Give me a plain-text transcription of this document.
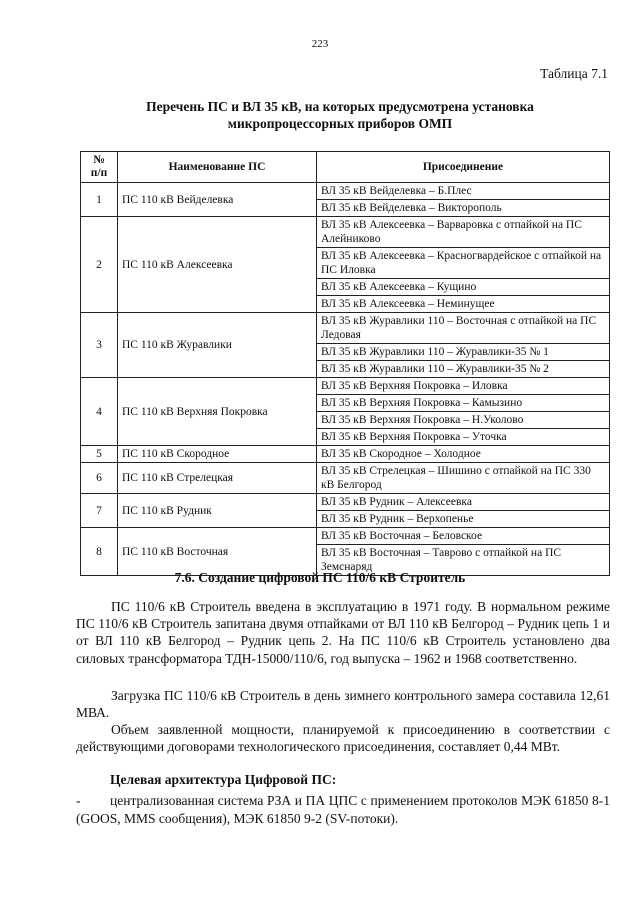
223
Таблица 7.1
Перечень ПС и ВЛ 35 кВ, на которых предусмотрена установка
микропроцессорных приборов ОМП
№
п/п	Наименование ПС	Присоединение
1	ПС 110 кВ Вейделевка	ВЛ 35 кВ Вейделевка – Б.Плес
		ВЛ 35 кВ Вейделевка – Викторополь
2	ПС 110 кВ Алексеевка	ВЛ 35 кВ Алексеевка – Варваровка с отпайкой на ПС Алейниково
		ВЛ 35 кВ Алексеевка – Красногвардейское с отпайкой на ПС Иловка
		ВЛ 35 кВ Алексеевка – Кущино
		ВЛ 35 кВ Алексеевка – Неминущее
3	ПС 110 кВ Журавлики	ВЛ 35 кВ Журавлики 110 – Восточная с отпайкой на ПС Ледовая
		ВЛ 35 кВ Журавлики 110 – Журавлики-35 № 1
		ВЛ 35 кВ Журавлики 110 – Журавлики-35 № 2
4	ПС 110 кВ Верхняя Покровка	ВЛ 35 кВ Верхняя Покровка – Иловка
		ВЛ 35 кВ Верхняя Покровка – Камызино
		ВЛ 35 кВ Верхняя Покровка – Н.Уколово
		ВЛ 35 кВ Верхняя Покровка – Уточка
5	ПС 110 кВ Скородное	ВЛ 35 кВ Скородное – Холодное
6	ПС 110 кВ Стрелецкая	ВЛ 35 кВ Стрелецкая – Шишино с отпайкой на ПС 330 кВ Белгород
7	ПС 110 кВ Рудник	ВЛ 35 кВ Рудник – Алексеевка
		ВЛ 35 кВ Рудник – Верхопенье
8	ПС 110 кВ Восточная	ВЛ 35 кВ Восточная – Беловское
		ВЛ 35 кВ Восточная – Таврово с отпайкой на ПС Земснаряд
7.6. Создание цифровой ПС 110/6 кВ Строитель

ПС 110/6 кВ Строитель введена в эксплуатацию в 1971 году. В нормальном режиме ПС 110/6 кВ Строитель запитана двумя отпайками от ВЛ 110 кВ Белгород – Рудник цепь 1 и от ВЛ 110 кВ Белгород – Рудник цепь 2. На ПС 110/6 кВ Строитель установлено два силовых трансформатора ТДН-15000/110/6, год выпуска – 1962 и 1968 соответственно.

Загрузка ПС 110/6 кВ Строитель в день зимнего контрольного замера составила 12,61 МВА.

Объем заявленной мощности, планируемой к присоединению в соответствии с действующими договорами технологического присоединения, составляет 0,44 МВт.

Целевая архитектура Цифровой ПС:

- централизованная система РЗА и ПА ЦПС с применением протоколов МЭК 61850 8-1 (GOOS, MMS сообщения), МЭК 61850 9-2 (SV-потоки).
